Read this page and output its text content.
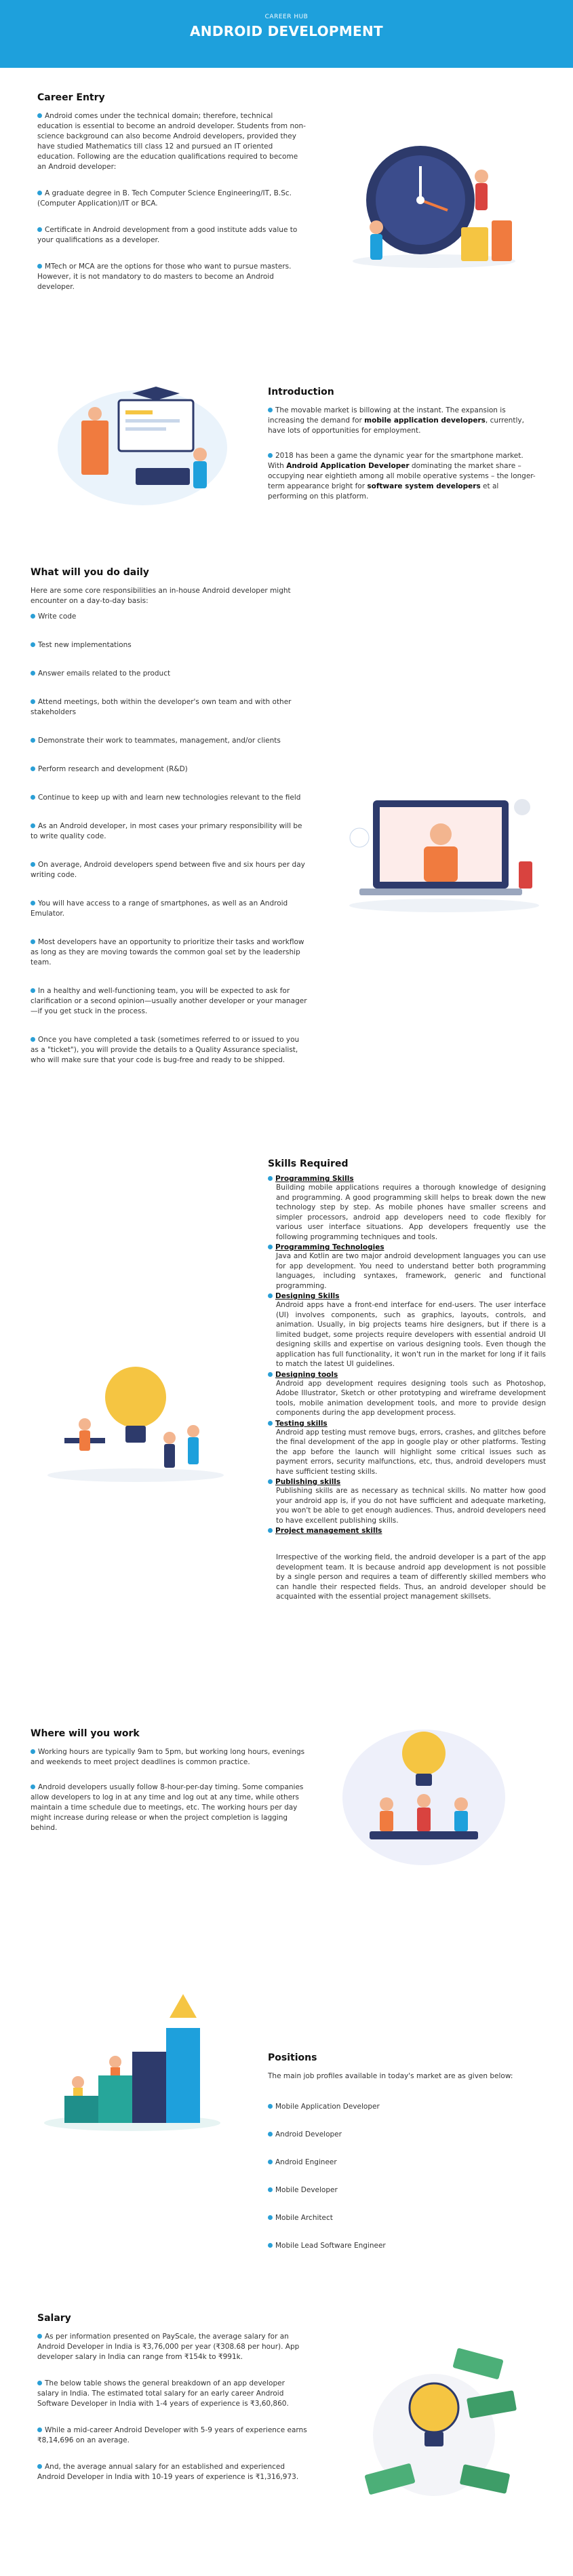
CAREER HUB
ANDROID DEVELOPMENT
Career Entry
Android comes under the technical domain; therefore, technical education is essential to become an android developer. Students from non-science background can also become Android developers, provided they have studied Mathematics till class 12 and pursued an IT oriented education. Following are the education qualifications required to become an Android developer:
A graduate degree in B. Tech Computer Science Engineering/IT, B.Sc. (Computer Application)/IT or BCA.
Certificate in Android development from a good institute adds value to your qualifications as a developer.
MTech or MCA are the options for those who want to pursue masters. However, it is not mandatory to do masters to become an Android developer.
Introduction

The movable market is billowing at the instant. The expansion is increasing the demand for mobile application developers, currently, have lots of opportunities for employment.

2018 has been a game the dynamic year for the smartphone market. With Android Application Developer dominating the market share – occupying near eightieth among all mobile operative systems – the longer-term appearance bright for software system developers et al performing on this platform.

What will you do daily

Here are some core responsibilities an in-house Android developer might encounter on a day-to-day basis:

Write code
Test new implementations
Answer emails related to the product
Attend meetings, both within the developer's own team and with other stakeholders
Demonstrate their work to teammates, management, and/or clients
Perform research and development (R&D)
Continue to keep up with and learn new technologies relevant to the field
As an Android developer, in most cases your primary responsibility will be to write quality code.
On average, Android developers spend between five and six hours per day writing code.
You will have access to a range of smartphones, as well as an Android Emulator.
Most developers have an opportunity to prioritize their tasks and workflow as long as they are moving towards the common goal set by the leadership team.
In a healthy and well-functioning team, you will be expected to ask for clarification or a second opinion—usually another developer or your manager—if you get stuck in the process.
Once you have completed a task (sometimes referred to or issued to you as a "ticket"), you will provide the details to a Quality Assurance specialist, who will make sure that your code is bug-free and ready to be shipped.
Skills Required
Programming Skills

Building mobile applications requires a thorough knowledge of designing and programming. A good programming skill helps to break down the new technology step by step. As mobile phones have smaller screens and simpler processors, android app developers need to code flexibly for various user interface situations. App developers frequently use the following programming techniques and tools.

Programming Technologies

Java and Kotlin are two major android development languages you can use for app development. You need to understand better both programming languages, including syntaxes, framework, generic and functional programming.

Designing Skills

Android apps have a front-end interface for end-users. The user interface (UI) involves components, such as graphics, layouts, controls, and animation. Usually, in big projects teams hire designers, but if there is a limited budget, some projects require developers with essential android UI designing skills and expertise on various designing tools. Even though the application has full functionality, it won't run in the market for long if it fails to match the latest UI guidelines.

Designing tools

Android app development requires designing tools such as Photoshop, Adobe Illustrator, Sketch or other prototyping and wireframe development tools, mobile animation development tools, and more to provide design components during the app development process.

Testing skills

Android app testing must remove bugs, errors, crashes, and glitches before the final development of the app in google play or other platforms. Testing the app before the launch will highlight some critical issues such as payment errors, security malfunctions, etc, thus, android developers must have sufficient testing skills.

Publishing skills

Publishing skills are as necessary as technical skills. No matter how good your android app is, if you do not have sufficient and adequate marketing, you won't be able to get enough audiences. Thus, android developers need to have excellent publishing skills.

Project management skills

Irrespective of the working field, the android developer is a part of the app development team. It is because android app development is not possible by a single person and requires a team of differently skilled members who can handle their respected fields. Thus, an android developer should be acquainted with the essential project management skillsets.

Where will you work

Working hours are typically 9am to 5pm, but working long hours, evenings and weekends to meet project deadlines is common practice.

Android developers usually follow 8-hour-per-day timing. Some companies allow developers to log in at any time and log out at any time, while others maintain a time schedule due to meetings, etc. The working hours per day might increase during release or when the project completion is lagging behind.

Positions

The main job profiles available in today's market are as given below:

Mobile Application Developer
Android Developer
Android Engineer
Mobile Developer
Mobile Architect
Mobile Lead Software Engineer
Salary
As per information presented on PayScale, the average salary for an Android Developer in India is ₹3,76,000 per year (₹308.68 per hour). App developer salary in India can range from ₹154k to ₹991k.
The below table shows the general breakdown of an app developer salary in India. The estimated total salary for an early career Android Software Developer in India with 1-4 years of experience is ₹3,60,860.
While a mid-career Android Developer with 5-9 years of experience earns ₹8,14,696 on an average.
And, the average annual salary for an established and experienced Android Developer in India with 10-19 years of experience is ₹1,316,973.
